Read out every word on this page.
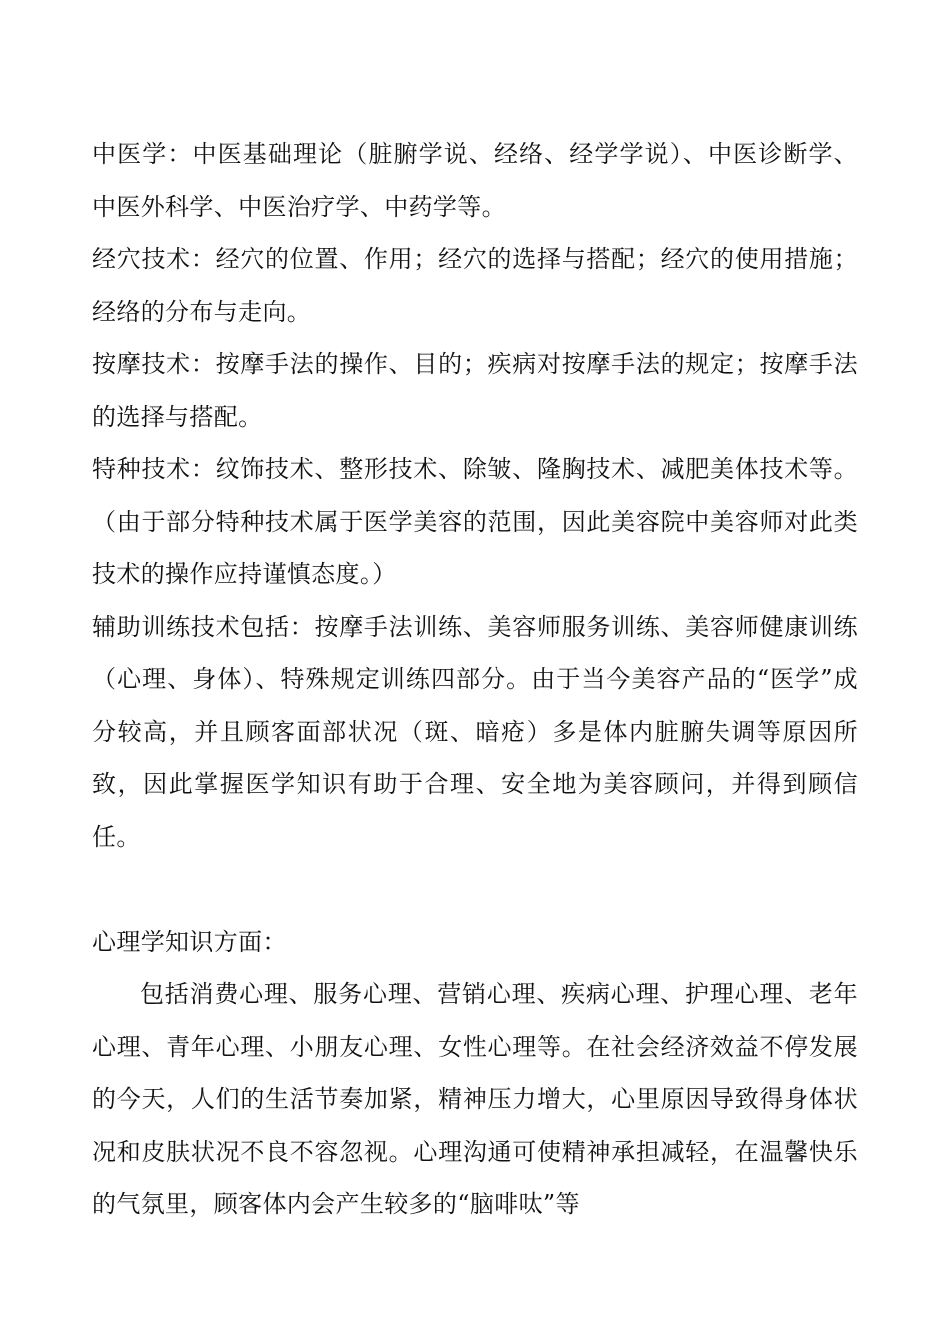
中医学：中医基础理论（脏腑学说、经络、经学学说）、中医诊断学、中医外科学、中医治疗学、中药学等。

经穴技术：经穴的位置、作用；经穴的选择与搭配；经穴的使用措施；经络的分布与走向。

按摩技术：按摩手法的操作、目的；疾病对按摩手法的规定；按摩手法的选择与搭配。

特种技术：纹饰技术、整形技术、除皱、隆胸技术、减肥美体技术等。（由于部分特种技术属于医学美容的范围，因此美容院中美容师对此类技术的操作应持谨慎态度。）

辅助训练技术包括：按摩手法训练、美容师服务训练、美容师健康训练（心理、身体）、特殊规定训练四部分。由于当今美容产品的“医学”成分较高，并且顾客面部状况（斑、暗疮）多是体内脏腑失调等原因所致，因此掌握医学知识有助于合理、安全地为美容顾问，并得到顾信任。

心理学知识方面：

包括消费心理、服务心理、营销心理、疾病心理、护理心理、老年心理、青年心理、小朋友心理、女性心理等。在社会经济效益不停发展的今天，人们的生活节奏加紧，精神压力增大，心里原因导致得身体状况和皮肤状况不良不容忽视。心理沟通可使精神承担减轻，在温馨快乐的气氛里，顾客体内会产生较多的“脑啡呔”等
